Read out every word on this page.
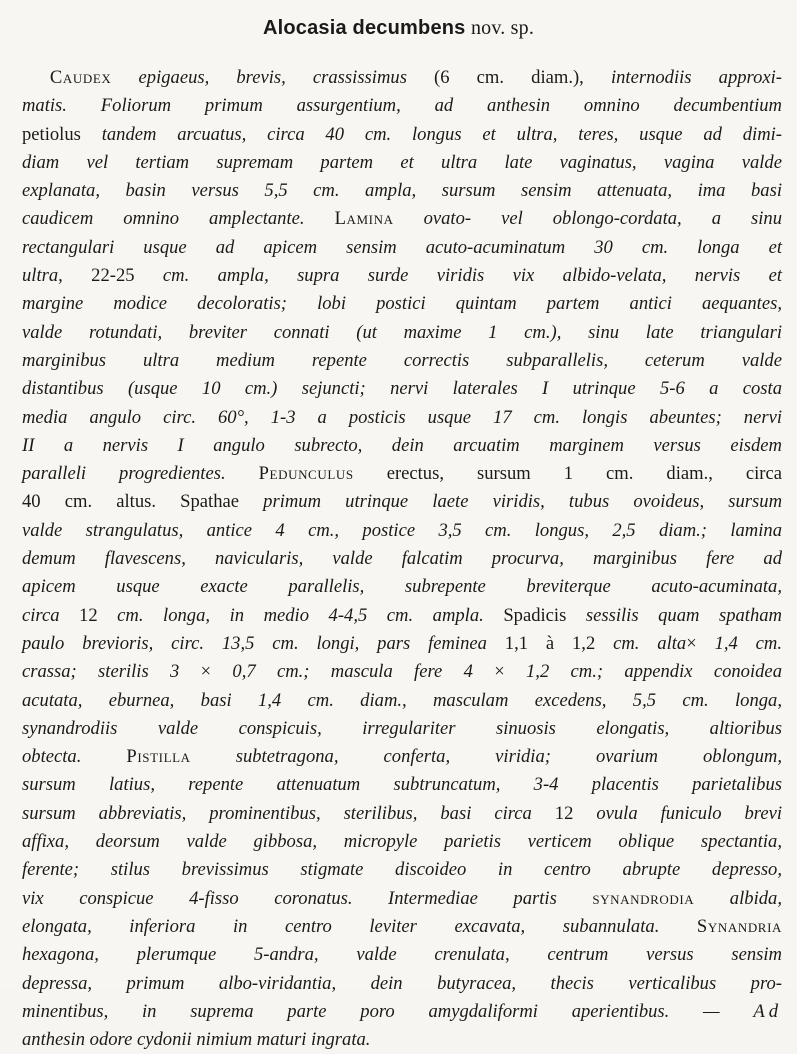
Alocasia decumbens nov. sp.
  Caudex epigaeus, brevis, crassissimus (6 cm. diam.), internodiis approxi-
matis. Foliorum primum assurgentium, ad anthesin omnino decumbentium
petiolus tandem arcuatus, circa 40 cm. longus et ultra, teres, usque ad dimi-
diam vel tertiam supremam partem et ultra late vaginatus, vagina valde
explanata, basin versus 5,5 cm. ampla, sursum sensim attenuata, ima basi
caudicem omnino amplectante. Lamina ovato- vel oblongo-cordata, a sinu
rectangulari usque ad apicem sensim acuto-acuminatum 30 cm. longa et
ultra, 22-25 cm. ampla, supra surde viridis vix albido-velata, nervis et
margine modice decoloratis; lobi postici quintam partem antici aequantes,
valde rotundati, breviter connati (ut maxime 1 cm.), sinu late triangulari
marginibus ultra medium repente correctis subparallelis, ceterum valde
distantibus (usque 10 cm.) sejuncti; nervi laterales I utrinque 5-6 a costa
media angulo circ. 60°, 1-3 a posticis usque 17 cm. longis abeuntes; nervi
II a nervis I angulo subrecto, dein arcuatim marginem versus eisdem
paralleli progredientes. Pedunculus erectus, sursum 1 cm. diam., circa
40 cm. altus. Spathae primum utrinque laete viridis, tubus ovoideus, sursum
valde strangulatus, antice 4 cm., postice 3,5 cm. longus, 2,5 diam.; lamina
demum flavescens, navicularis, valde falcatim procurva, marginibus fere ad
apicem usque exacte parallelis, subrepente breviterque acuto-acuminata,
circa 12 cm. longa, in medio 4-4,5 cm. ampla. Spadicis sessilis quam spatham
paulo brevioris, circ. 13,5 cm. longi, pars feminea 1,1 à 1,2 cm. alta× 1,4 cm.
crassa; sterilis 3 × 0,7 cm.; mascula fere 4 × 1,2 cm.; appendix conoidea
acutata, eburnea, basi 1,4 cm. diam., masculam excedens, 5,5 cm. longa,
synandrodiis valde conspicuis, irregulariter sinuosis elongatis, altioribus
obtecta. Pistilla subtetragona, conferta, viridia; ovarium oblongum,
sursum latius, repente attenuatum subtruncatum, 3-4 placentis parietalibus
sursum abbreviatis, prominentibus, sterilibus, basi circa 12 ovula funiculo brevi
affixa, deorsum valde gibbosa, micropyle parietis verticem oblique spectantia,
ferente; stilus brevissimus stigmate discoideo in centro abrupte depresso,
vix conspicue 4-fisso coronatus. Intermediae partis synandrodia albida,
elongata, inferiora in centro leviter excavata, subannulata. Synandria
hexagona, plerumque 5-andra, valde crenulata, centrum versus sensim
depressa, primum albo-viridantia, dein butyracea, thecis verticalibus pro-
minentibus, in suprema parte poro amygdaliformi aperientibus. — Ad
anthesin odore cydonii nimium maturi ingrata.
